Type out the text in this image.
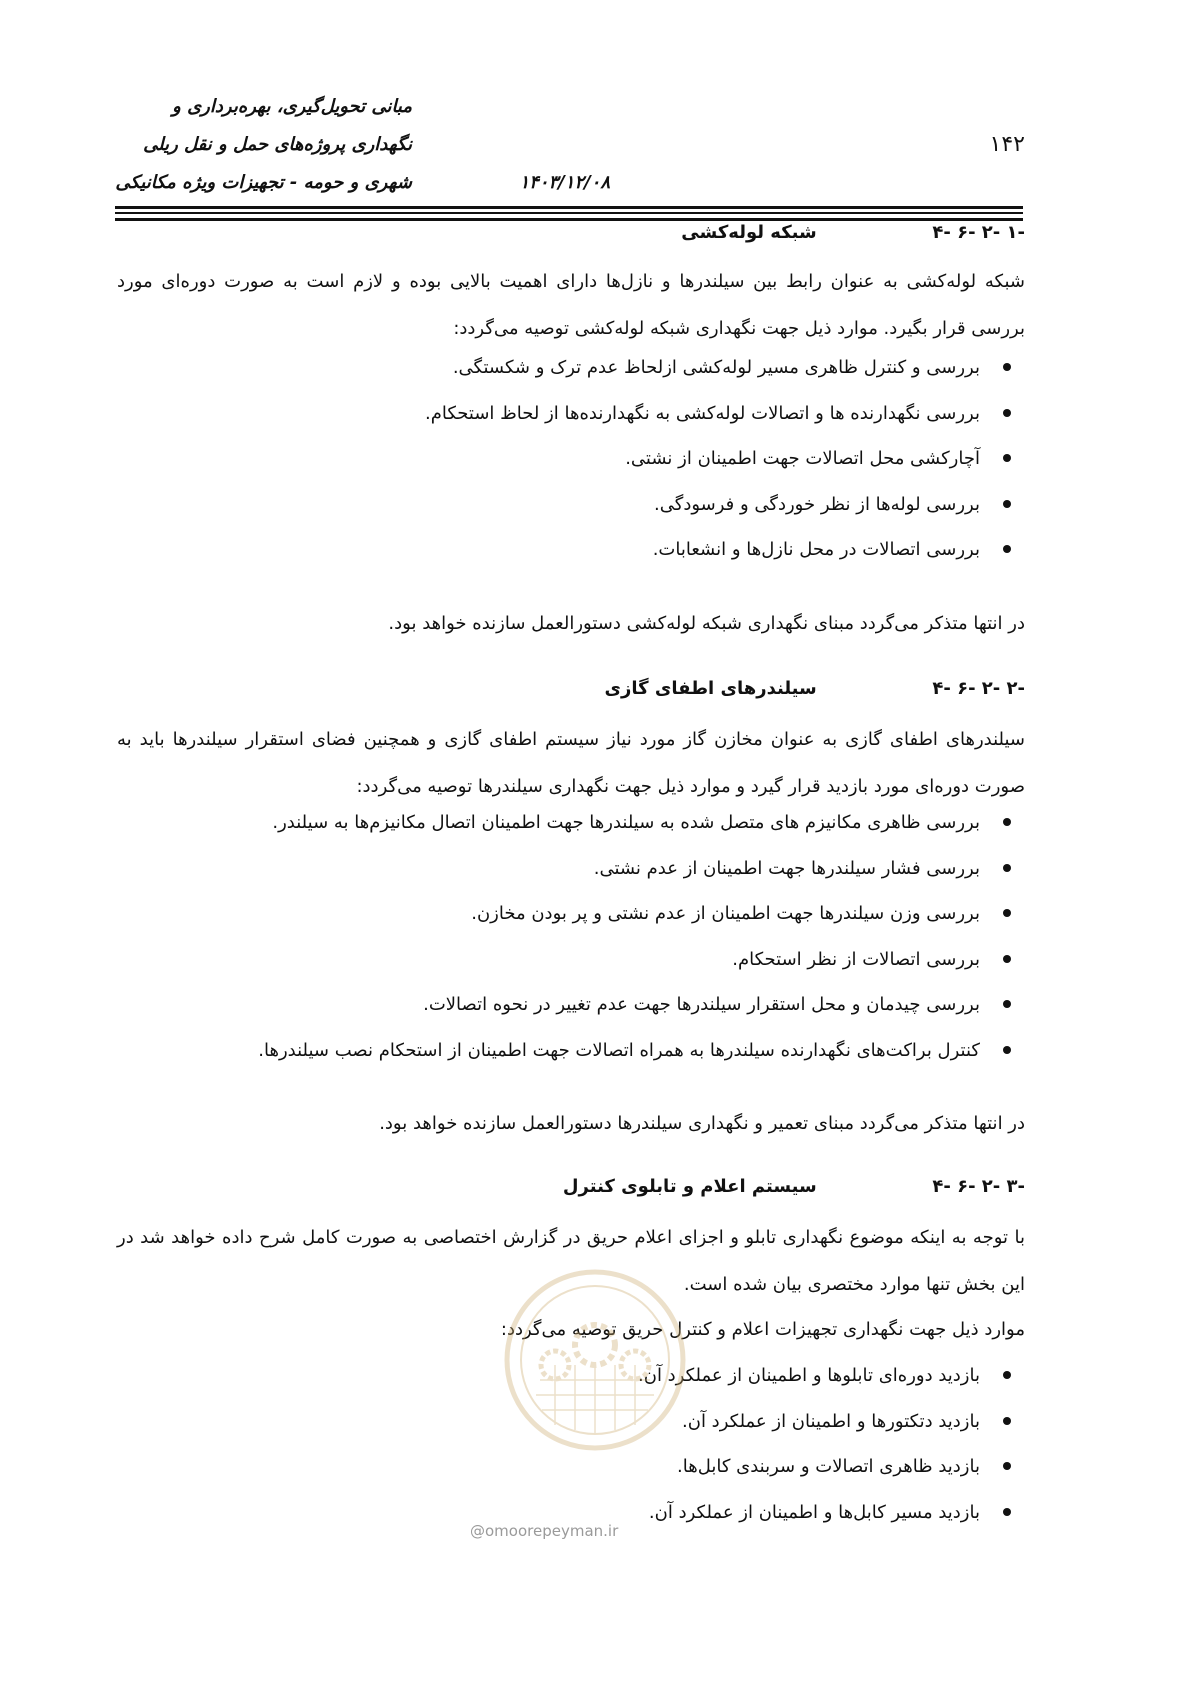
مبانی تحویل‌گیری، بهره‌برداری و
نگهداری پروژه‌های حمل و نقل ریلی
شهری و حومه - تجهیزات ویژه مکانیکی	۱۴۰۳/۱۲/۰۸
۱۴۲
۴- ۶- ۲- ۱- شبکه لوله‌کشی
شبکه لوله‌کشی به عنوان رابط بین سیلندرها و نازل‌ها دارای اهمیت بالایی بوده و لازم است به صورت دوره‌ای مورد بررسی قرار بگیرد. موارد ذیل جهت نگهداری شبکه لوله‌کشی توصیه می‌گردد:
بررسی و کنترل ظاهری مسیر لوله‌کشی ازلحاظ عدم ترک و شکستگی.
بررسی نگهدارنده ها و اتصالات لوله‌کشی به نگهدارنده‌ها از لحاظ استحکام.
آچارکشی محل اتصالات جهت اطمینان از نشتی.
بررسی لوله‌ها از نظر خوردگی و فرسودگی.
بررسی اتصالات در محل نازل‌ها و انشعابات.
در انتها متذکر می‌گردد مبنای نگهداری شبکه لوله‌کشی دستورالعمل سازنده خواهد بود.
۴- ۶- ۲- ۲- سیلندرهای اطفای گازی
سیلندرهای اطفای گازی به عنوان مخازن گاز مورد نیاز سیستم اطفای گازی و همچنین فضای استقرار سیلندرها باید به صورت دوره‌ای مورد بازدید قرار گیرد و موارد ذیل جهت نگهداری سیلندرها توصیه می‌گردد:
بررسی ظاهری مکانیزم های متصل شده به سیلندرها جهت اطمینان اتصال مکانیزم‌ها به سیلندر.
بررسی فشار سیلندرها جهت اطمینان از عدم نشتی.
بررسی وزن سیلندرها جهت اطمینان از عدم نشتی و پر بودن مخازن.
بررسی اتصالات از نظر استحکام.
بررسی چیدمان و محل استقرار سیلندرها جهت عدم تغییر در نحوه اتصالات.
کنترل براکت‌های نگهدارنده سیلندرها به همراه اتصالات جهت اطمینان از استحکام نصب سیلندرها.
در انتها متذکر می‌گردد مبنای تعمیر و نگهداری سیلندرها دستورالعمل سازنده خواهد بود.
۴- ۶- ۲- ۳- سیستم اعلام و تابلوی کنترل
با توجه به اینکه موضوع نگهداری تابلو و اجزای اعلام حریق در گزارش اختصاصی به صورت کامل شرح داده خواهد شد در این بخش تنها موارد مختصری بیان شده است.
موارد ذیل جهت نگهداری تجهیزات اعلام و کنترل حریق توصیه می‌گردد:
بازدید دوره‌ای تابلوها و اطمینان از عملکرد آن.
بازدید دتکتورها و اطمینان از عملکرد آن.
بازدید ظاهری اتصالات و سربندی کابل‌ها.
بازدید مسیر کابل‌ها و اطمینان از عملکرد آن.
@omoorepeyman.ir
